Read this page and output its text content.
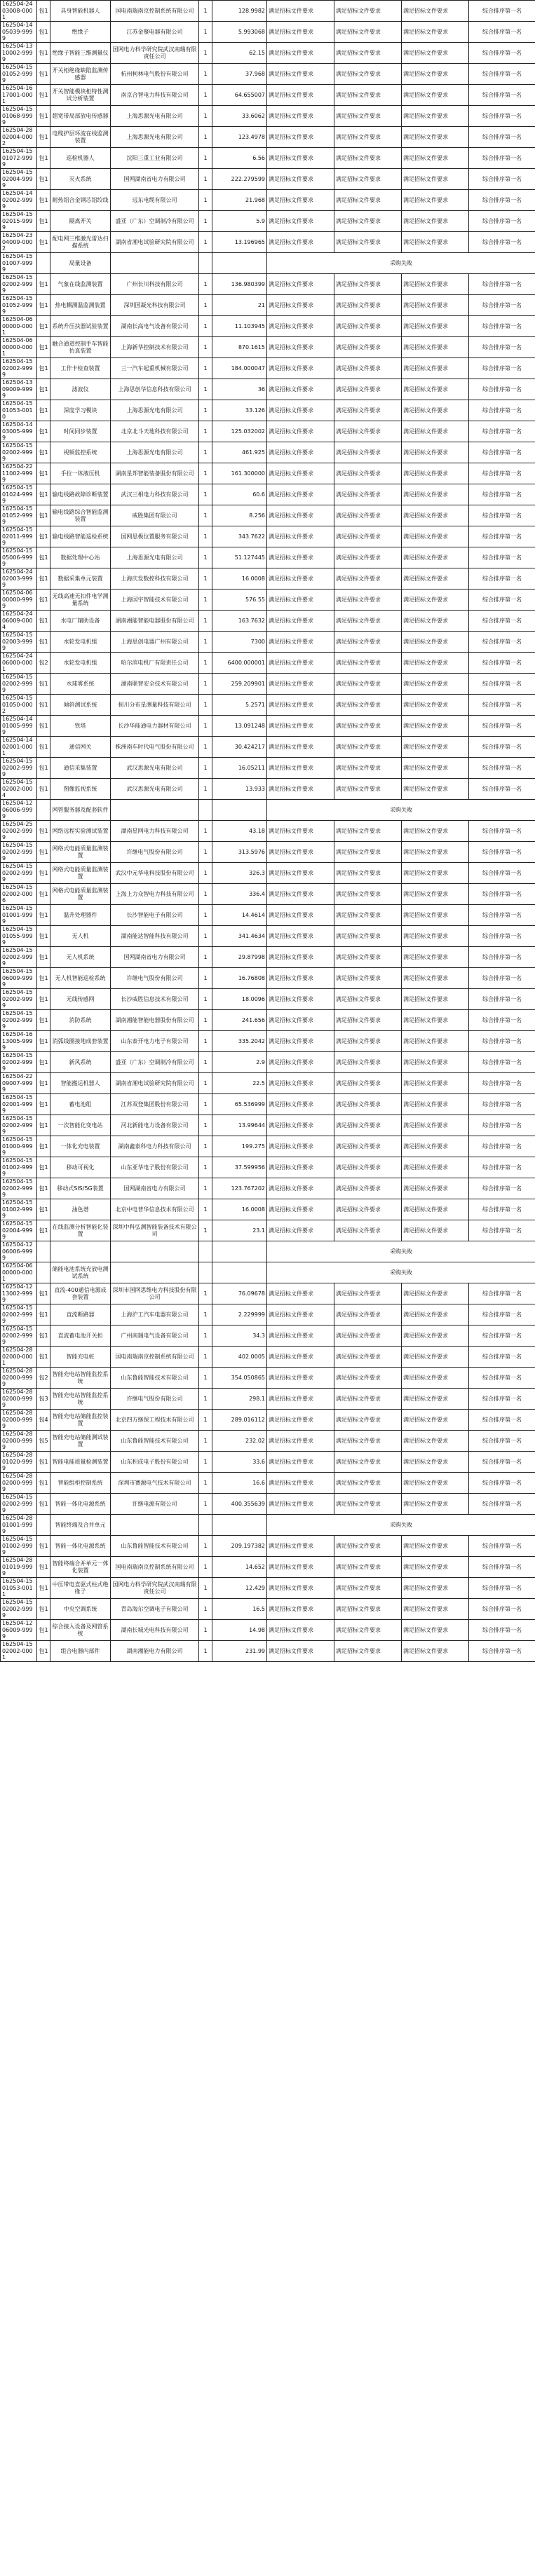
162504-2403008-0001	包1	具身智能机器人	国电南瑞南京控制系统有限公司	1	128.9982	满足招标文件要求	满足招标文件要求	满足招标文件要求	综合排序第一名
162504-1405039-9999	包1	绝缘子	江苏金聚电器有限公司	1	5.993068	满足招标文件要求	满足招标文件要求	满足招标文件要求	综合排序第一名
162504-1310002-9999	包1	绝缘子智能三维测量仪	国网电力科学研究院武汉南瑞有限责任公司	1	62.15	满足招标文件要求	满足招标文件要求	满足招标文件要求	综合排序第一名
162504-1501052-9999	包1	开关柜绝缘缺陷监测传感器	杭州柯林电气股份有限公司	1	37.968	满足招标文件要求	满足招标文件要求	满足招标文件要求	综合排序第一名
162504-1617001-0001	包1	开关智能模块柜特性测试分析装置	南京合智电力科技有限公司	1	64.655007	满足招标文件要求	满足招标文件要求	满足招标文件要求	综合排序第一名
162504-1501068-9999	包1	超宽带局部放电传感器	上海思源光电有限公司	1	33.6062	满足招标文件要求	满足招标文件要求	满足招标文件要求	综合排序第一名
162504-2802004-0002	包1	电缆护层环流在线监测装置	上海思源光电有限公司	1	123.4978	满足招标文件要求	满足招标文件要求	满足招标文件要求	综合排序第一名
162504-1501072-9999	包1	巡检机器人	沈阳三重工业有限公司	1	6.56	满足招标文件要求	满足招标文件要求	满足招标文件要求	综合排序第一名
162504-1502004-9999	包1	灭火系统	国网湖南省电力有限公司	1	222.279599	满足招标文件要求	满足招标文件要求	满足招标文件要求	综合排序第一名
162504-1402002-9999	包1	耐热铝合金钢芯铝绞线	远东电缆有限公司	1	21.968	满足招标文件要求	满足招标文件要求	满足招标文件要求	综合排序第一名
162504-1502015-9999	包1	隔离开关	盛亚（广东）空调制冷有限公司	1	5.9	满足招标文件要求	满足招标文件要求	满足招标文件要求	综合排序第一名
162504-2304009-0002	包1	配电网三维激光雷达扫描系统	湖南省湘电试验研究院有限公司	1	13.196965	满足招标文件要求	满足招标文件要求	满足招标文件要求	综合排序第一名
162504-1501007-9999		局量设备				采购失败			
162504-1502002-9999	包1	气象在线监测装置	广州长川科技有限公司	1	136.980399	满足招标文件要求	满足招标文件要求	满足招标文件要求	综合排序第一名
162504-1501052-9999	包1	热电耦测温监测装置	深圳国凝光科技有限公司	1	21	满足招标文件要求	满足招标文件要求	满足招标文件要求	综合排序第一名
162504-0600000-0001	包1	系统升压扶器试验装置	湖南长高电气设备有限公司	1	11.103945	满足招标文件要求	满足招标文件要求	满足招标文件要求	综合排序第一名
162504-0600000-0001	包1	触合通道控制手车智能仿真装置	上海新华控制技术有限公司	1	870.1615	满足招标文件要求	满足招标文件要求	满足招标文件要求	综合排序第一名
162504-1502002-9999	包1	工作卡检查装置	三一汽车起重机械有限公司	1	184.000047	满足招标文件要求	满足招标文件要求	满足招标文件要求	综合排序第一名
162504-1309009-9999	包1	滤波仪	上海思创华信息科技有限公司	1	36	满足招标文件要求	满足招标文件要求	满足招标文件要求	综合排序第一名
162504-1501053-0010	包1	深度学习模块	上海思源光电有限公司	1	33.126	满足招标文件要求	满足招标文件要求	满足招标文件要求	综合排序第一名
162504-1403005-9999	包1	时间同步装置	北京北斗天地科技有限公司	1	125.032002	满足招标文件要求	满足招标文件要求	满足招标文件要求	综合排序第一名
162504-1502002-9999	包1	视频监控系统	上海思源光电有限公司	1	461.925	满足招标文件要求	满足招标文件要求	满足招标文件要求	综合排序第一名
162504-2211002-9999	包1	手拉一体液压机	湖南星邦智能装备股份有限公司	1	161.300000	满足招标文件要求	满足招标文件要求	满足招标文件要求	综合排序第一名
162504-1501024-9999	包1	输电线路故障诊断装置	武汉三相电力科技有限公司	1	60.6	满足招标文件要求	满足招标文件要求	满足招标文件要求	综合排序第一名
162504-1501052-9999	包1	输电线路综合智能监测装置	威胜集团有限公司	1	8.256	满足招标文件要求	满足招标文件要求	满足招标文件要求	综合排序第一名
162504-1502011-9999	包1	输电线路智能巡检系统	国网思极位置服务有限公司	1	343.7622	满足招标文件要求	满足招标文件要求	满足招标文件要求	综合排序第一名
162504-1505006-9999	包1	数据处理中心站	上海思源光电有限公司	1	51.127445	满足招标文件要求	满足招标文件要求	满足招标文件要求	综合排序第一名
162504-2402003-9999	包1	数据采集单元装置	上海庆发数控科技有限公司	1	16.0008	满足招标文件要求	满足招标文件要求	满足招标文件要求	综合排序第一名
162504-0600000-9999	包1	无线高速无扣件电学测量系统	上海国宇智能技术有限公司	1	576.55	满足招标文件要求	满足招标文件要求	满足招标文件要求	综合排序第一名
162504-2406009-0004	包1	水电厂辅助设备	湖南湘能智能电器股份有限公司	1	163.7632	满足招标文件要求	满足招标文件要求	满足招标文件要求	综合排序第一名
162504-1502003-9999	包1	水轮发电机组	上海思创电器广州有限公司	1	7300	满足招标文件要求	满足招标文件要求	满足招标文件要求	综合排序第一名
162504-2406000-0001	包2	水轮发电机组	哈尔滨电机厂有限责任公司	1	6400.000001	满足招标文件要求	满足招标文件要求	满足招标文件要求	综合排序第一名
162504-1502002-9999	包1	水球雾系统	湖南联智安全技术有限公司	1	259.209901	满足招标文件要求	满足招标文件要求	满足招标文件要求	综合排序第一名
162504-1501050-0002	包1	倾斜测试系统	损川分布星测量科技有限公司	1	5.2571	满足招标文件要求	满足招标文件要求	满足招标文件要求	综合排序第一名
162504-1401005-9999	包1	铁塔	长沙华能通电力器材有限公司	1	13.091248	满足招标文件要求	满足招标文件要求	满足招标文件要求	综合排序第一名
162504-1402001-0001	包1	通信网关	株洲南车时代电气股份有限公司	1	30.424217	满足招标文件要求	满足招标文件要求	满足招标文件要求	综合排序第一名
162504-1502002-9999	包1	通信采集装置	武汉思源光电有限公司	1	16.05211	满足招标文件要求	满足招标文件要求	满足招标文件要求	综合排序第一名
162504-1502002-0004	包1	图像监视系统	武汉思源光电有限公司	1	13.933	满足招标文件要求	满足招标文件要求	满足招标文件要求	综合排序第一名
162504-1206006-9999		网管服务器及配套软件				采购失败			
162504-2502002-9999	包1	网络远程实验测试装置	湖南星网电力科技有限公司	1	43.18	满足招标文件要求	满足招标文件要求	满足招标文件要求	综合排序第一名
162504-1502002-9999	包1	网络式电能质量监测装置	许继电气股份有限公司	1	313.5976	满足招标文件要求	满足招标文件要求	满足招标文件要求	综合排序第一名
162504-1502002-9999	包1	网络式电能质量监测装置	武汉中元华电科技股份有限公司	1	326.3	满足招标文件要求	满足招标文件要求	满足招标文件要求	综合排序第一名
162504-1502002-0006	包1	网格式电能质量监测装置	上海上力众智电力科技有限公司	1	336.4	满足招标文件要求	满足招标文件要求	满足招标文件要求	综合排序第一名
162504-1501001-9999	包1	温升处理器件	长沙智能电子有限公司	1	14.4614	满足招标文件要求	满足招标文件要求	满足招标文件要求	综合排序第一名
162504-1501055-9999	包1	无人机	湖南能达智能科技有限公司	1	341.4634	满足招标文件要求	满足招标文件要求	满足招标文件要求	综合排序第一名
162504-1502002-9999	包1	无人机系统	国网湖南省电力有限公司	1	29.87998	满足招标文件要求	满足招标文件要求	满足招标文件要求	综合排序第一名
162504-1506009-9999	包1	无人机智能巡检系统	许继电气股份有限公司	1	16.76808	满足招标文件要求	满足招标文件要求	满足招标文件要求	综合排序第一名
162504-1502002-9999	包1	无线传感网	长沙威胜信息技术有限公司	1	18.0096	满足招标文件要求	满足招标文件要求	满足招标文件要求	综合排序第一名
162504-1502002-9999	包1	消防系统	湖南湘能智能电器股份有限公司	1	241.656	满足招标文件要求	满足招标文件要求	满足招标文件要求	综合排序第一名
162504-1613005-9999	包1	消弧线圈接地成套装置	山东泰开电力电子有限公司	1	335.2042	满足招标文件要求	满足招标文件要求	满足招标文件要求	综合排序第一名
162504-1502002-9999	包1	新风系统	盛亚（广东）空调制冷有限公司	1	2.9	满足招标文件要求	满足招标文件要求	满足招标文件要求	综合排序第一名
162504-2209007-9999	包1	智能搬运机器人	湖南省湘电试验研究院有限公司	1	22.5	满足招标文件要求	满足招标文件要求	满足招标文件要求	综合排序第一名
162504-1502001-9999	包1	蓄电池组	江苏双登集团股份有限公司	1	65.536999	满足招标文件要求	满足招标文件要求	满足招标文件要求	综合排序第一名
162504-1502002-9999	包1	一次智能化变电站	河北新能电力设备有限公司	1	13.99644	满足招标文件要求	满足招标文件要求	满足招标文件要求	综合排序第一名
162504-1501000-9999	包1	一体化充电装置	湖南鑫泰科电力科技有限公司	1	199.275	满足招标文件要求	满足招标文件要求	满足招标文件要求	综合排序第一名
162504-1501002-9999	包1	移动可视化	山东亚华电子股份有限公司	1	37.599956	满足招标文件要求	满足招标文件要求	满足招标文件要求	综合排序第一名
162504-1502002-9999	包1	移动式SIS/5G装置	国网湖南省电力有限公司	1	123.767202	满足招标文件要求	满足招标文件要求	满足招标文件要求	综合排序第一名
162504-1501002-9999	包1	油色谱	北京中电普华信息技术有限公司	1	16.0008	满足招标文件要求	满足招标文件要求	满足招标文件要求	综合排序第一名
162504-1502004-9999	包1	在线监测分析智能化装置	深圳中科弘测智能装备技术有限公司	1	23.1	满足招标文件要求	满足招标文件要求	满足招标文件要求	综合排序第一名
162504-1206006-9999						采购失败			
162504-0600000-0001		储能电池系统充放电测试系统				采购失败			
162504-1213002-9999	包1	直流-400通信电源成套装置	深圳市国网思维电力科技股份有限公司	1	76.09678	满足招标文件要求	满足招标文件要求	满足招标文件要求	综合排序第一名
162504-1502002-9999	包1	直流断路器	上海沪工汽车电器有限公司	1	2.229999	满足招标文件要求	满足招标文件要求	满足招标文件要求	综合排序第一名
162504-1502002-9999	包1	直流蓄电池开关柜	广州南瑞电气设备有限公司	1	34.3	满足招标文件要求	满足招标文件要求	满足招标文件要求	综合排序第一名
162504-2802000-0001	包1	智能充电桩	国电南瑞南京控制系统有限公司	1	402.0005	满足招标文件要求	满足招标文件要求	满足招标文件要求	综合排序第一名
162504-2802000-9999	包2	智能充电站智能监控系统	山东鲁能智能技术有限公司	1	354.050865	满足招标文件要求	满足招标文件要求	满足招标文件要求	综合排序第一名
162504-2802000-9999	包3	智能充电站智能监控系统	许继电气股份有限公司	1	298.1	满足招标文件要求	满足招标文件要求	满足招标文件要求	综合排序第一名
162504-2802000-9999	包4	智能充电站储能监控装置	北京四方继保工程技术有限公司	1	289.016112	满足招标文件要求	满足招标文件要求	满足招标文件要求	综合排序第一名
162504-2802000-9999	包5	智能充电站储能测试装置	山东鲁能智能技术有限公司	1	232.02	满足招标文件要求	满足招标文件要求	满足招标文件要求	综合排序第一名
162504-2801020-9999	包1	智能电能质量检测装置	山东积成电子股份有限公司	1	33.6	满足招标文件要求	满足招标文件要求	满足招标文件要求	综合排序第一名
162504-2802000-9999	包1	智能组柜控制系统	深圳市赛源电气技术有限公司	1	16.6	满足招标文件要求	满足招标文件要求	满足招标文件要求	综合排序第一名
162504-1502002-9999	包1	智能一体化电源系统	许继电源有限公司	1	400.355639	满足招标文件要求	满足招标文件要求	满足招标文件要求	综合排序第一名
162504-2801001-9999		智能终端及合并单元				采购失败			
162504-1501002-9999	包1	智能一体化电源系统	山东鲁能智能技术有限公司	1	209.197382	满足招标文件要求	满足招标文件要求	满足招标文件要求	综合排序第一名
162504-2801019-9999	包1	智能终端合并单元一体化装置	国电南瑞南京控制系统有限公司	1	14.652	满足招标文件要求	满足招标文件要求	满足招标文件要求	综合排序第一名
162504-1501053-0011	包1	中压带电直驱式柱式绝缘子	国网电力科学研究院武汉南瑞有限责任公司	1	12.429	满足招标文件要求	满足招标文件要求	满足招标文件要求	综合排序第一名
162504-1502002-9999	包1	中央空调系统	青岛海尔空调电子有限公司	1	16.5	满足招标文件要求	满足招标文件要求	满足招标文件要求	综合排序第一名
162504-1206009-9999	包1	综合接入设备及网管系统	湖南长城光电科技有限公司	1	14.98	满足招标文件要求	满足招标文件要求	满足招标文件要求	综合排序第一名
162504-1502002-0001	包1	组合电器内部件	湖南湘能电力有限公司	1	231.99	满足招标文件要求	满足招标文件要求	满足招标文件要求	综合排序第一名
